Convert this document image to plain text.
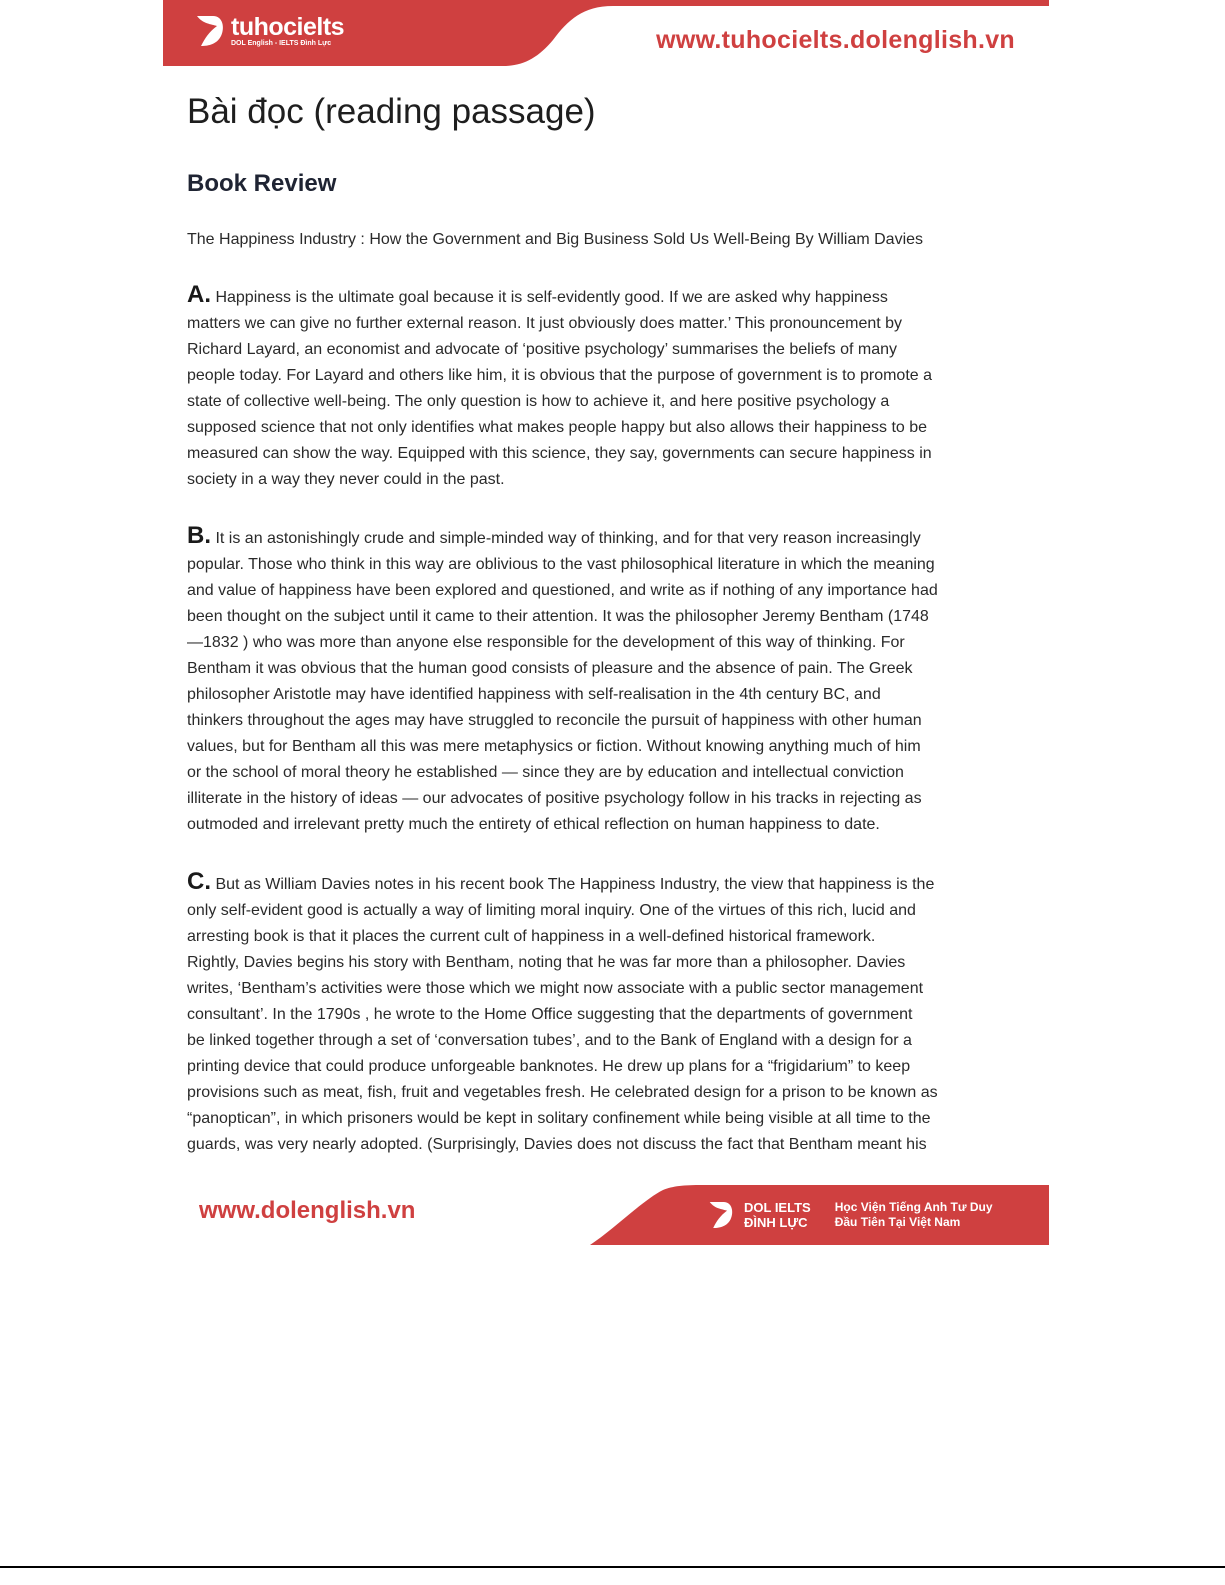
tuhocielts
DOL English - IELTS Đình Lực	www.tuhocielts.dolenglish.vn
Bài đọc (reading passage)
Book Review
The Happiness Industry : How the Government and Big Business Sold Us Well-Being By William Davies
A. Happiness is the ultimate goal because it is self-evidently good. If we are asked why happiness
matters we can give no further external reason. It just obviously does matter.’ This pronouncement by
Richard Layard, an economist and advocate of ‘positive psychology’ summarises the beliefs of many
people today. For Layard and others like him, it is obvious that the purpose of government is to promote a
state of collective well-being. The only question is how to achieve it, and here positive psychology a
supposed science that not only identifies what makes people happy but also allows their happiness to be
measured can show the way. Equipped with this science, they say, governments can secure happiness in
society in a way they never could in the past.
B. It is an astonishingly crude and simple-minded way of thinking, and for that very reason increasingly
popular. Those who think in this way are oblivious to the vast philosophical literature in which the meaning
and value of happiness have been explored and questioned, and write as if nothing of any importance had
been thought on the subject until it came to their attention. It was the philosopher Jeremy Bentham (1748
—1832 ) who was more than anyone else responsible for the development of this way of thinking. For
Bentham it was obvious that the human good consists of pleasure and the absence of pain. The Greek
philosopher Aristotle may have identified happiness with self-realisation in the 4th century BC, and
thinkers throughout the ages may have struggled to reconcile the pursuit of happiness with other human
values, but for Bentham all this was mere metaphysics or fiction. Without knowing anything much of him
or the school of moral theory he established — since they are by education and intellectual conviction
illiterate in the history of ideas — our advocates of positive psychology follow in his tracks in rejecting as
outmoded and irrelevant pretty much the entirety of ethical reflection on human happiness to date.
C. But as William Davies notes in his recent book The Happiness Industry, the view that happiness is the
only self-evident good is actually a way of limiting moral inquiry. One of the virtues of this rich, lucid and
arresting book is that it places the current cult of happiness in a well-defined historical framework.
Rightly, Davies begins his story with Bentham, noting that he was far more than a philosopher. Davies
writes, ‘Bentham’s activities were those which we might now associate with a public sector management
consultant’. In the 1790s , he wrote to the Home Office suggesting that the departments of government
be linked together through a set of ‘conversation tubes’, and to the Bank of England with a design for a
printing device that could produce unforgeable banknotes. He drew up plans for a “frigidarium” to keep
provisions such as meat, fish, fruit and vegetables fresh. He celebrated design for a prison to be known as
“panoptican”, in which prisoners would be kept in solitary confinement while being visible at all time to the
guards, was very nearly adopted. (Surprisingly, Davies does not discuss the fact that Bentham meant his
www.dolenglish.vn	DOL IELTS
ĐÌNH LỰC
Học Viện Tiếng Anh Tư Duy
Đầu Tiên Tại Việt Nam
